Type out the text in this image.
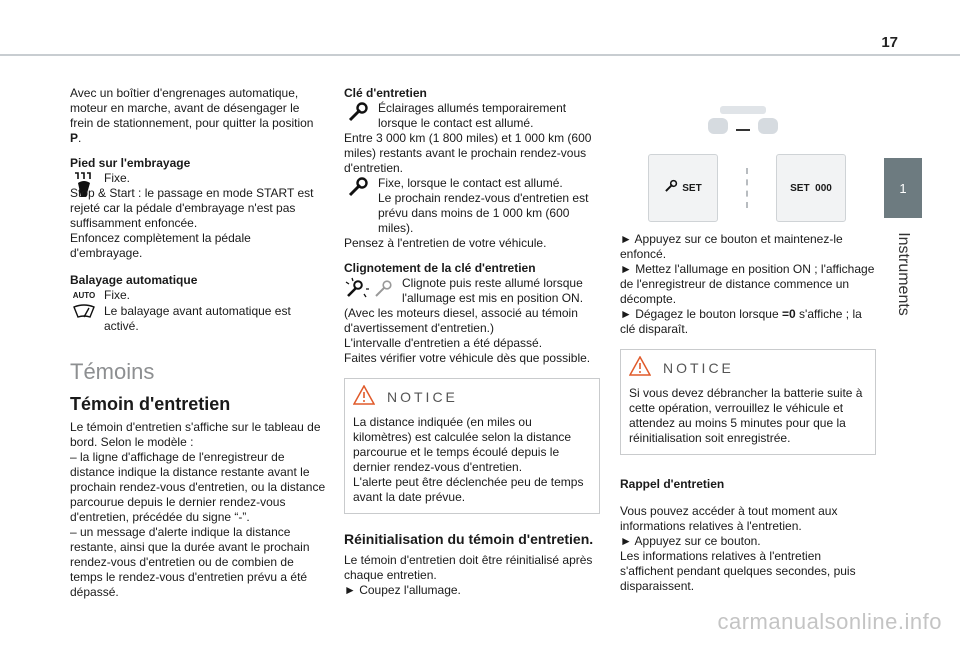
17
1
Instruments

Avec un boîtier d'engrenages automatique, moteur en marche, avant de désengager le frein de stationnement, pour quitter la position P.

Pied sur l'embrayage

Fixe.

Stop & Start : le passage en mode START est rejeté car la pédale d'embrayage n'est pas suffisamment enfoncée.

Enfoncez complètement la pédale d'embrayage.

Balayage automatique

AUTO Fixe.
Le balayage avant automatique est activé.

Témoins

Témoin d'entretien

Le témoin d'entretien s'affiche sur le tableau de bord. Selon le modèle :

– la ligne d'affichage de l'enregistreur de distance indique la distance restante avant le prochain rendez-vous d'entretien, ou la distance parcourue depuis le dernier rendez-vous d'entretien, précédée du signe “-”.

– un message d'alerte indique la distance restante, ainsi que la durée avant le prochain rendez-vous d'entretien ou de combien de temps le rendez-vous d'entretien prévu a été dépassé.

Clé d'entretien

Éclairages allumés temporairement lorsque le contact est allumé.

Entre 3 000 km (1 800 miles) et 1 000 km (600 miles) restants avant le prochain rendez-vous d'entretien.

Fixe, lorsque le contact est allumé.
Le prochain rendez-vous d'entretien est prévu dans moins de 1 000 km (600 miles).

Pensez à l'entretien de votre véhicule.

Clignotement de la clé d'entretien

Clignote puis reste allumé lorsque l'allumage est mis en position ON.

(Avec les moteurs diesel, associé au témoin d'avertissement d'entretien.)

L'intervalle d'entretien a été dépassé.

Faites vérifier votre véhicule dès que possible.

NOTICE

La distance indiquée (en miles ou kilomètres) est calculée selon la distance parcourue et le temps écoulé depuis le dernier rendez-vous d'entretien.
L'alerte peut être déclenchée peu de temps avant la date prévue.

Réinitialisation du témoin d'entretien.

Le témoin d'entretien doit être réinitialisé après chaque entretien.

► Coupez l'allumage.

SET	SET  000

► Appuyez sur ce bouton et maintenez-le enfoncé.

► Mettez l'allumage en position ON ; l'affichage de l'enregistreur de distance commence un décompte.

► Dégagez le bouton lorsque =0 s'affiche ; la clé disparaît.

NOTICE

Si vous devez débrancher la batterie suite à cette opération, verrouillez le véhicule et attendez au moins 5 minutes pour que la réinitialisation soit enregistrée.

Rappel d'entretien

Vous pouvez accéder à tout moment aux informations relatives à l'entretien.

► Appuyez sur ce bouton.

Les informations relatives à l'entretien s'affichent pendant quelques secondes, puis disparaissent.

carmanualsonline.info
